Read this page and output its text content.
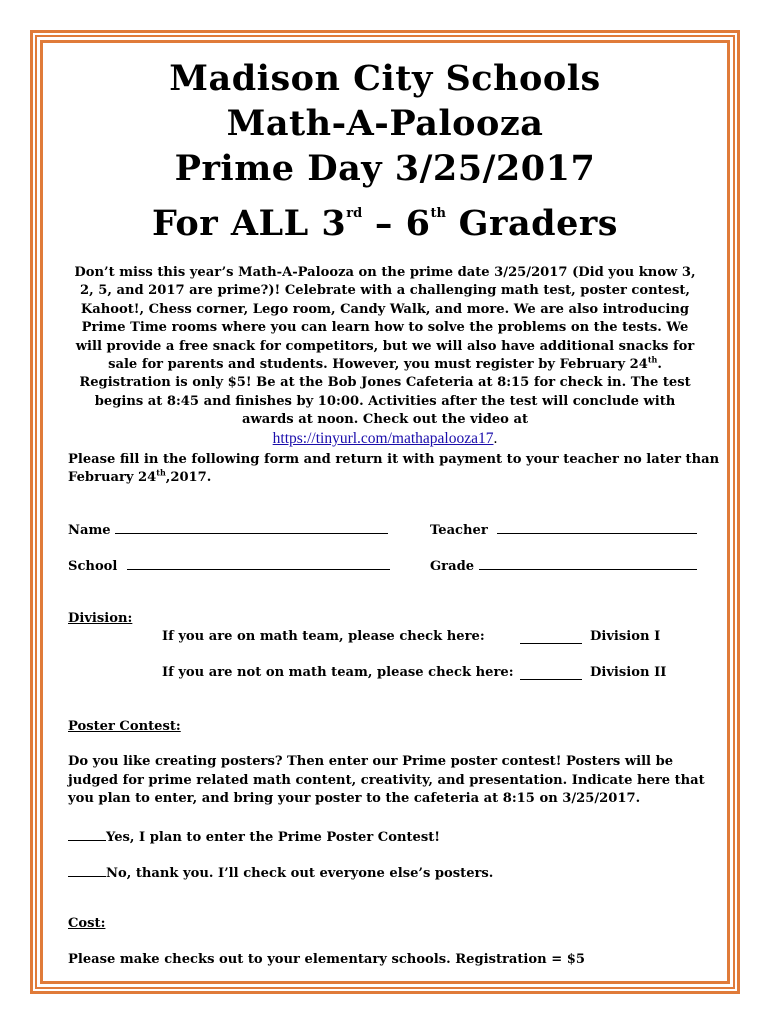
Madison City Schools
Math-A-Palooza
Prime Day 3/25/2017
For ALL 3rd – 6th Graders
Don’t miss this year’s Math-A-Palooza on the prime date 3/25/2017 (Did you know 3, 2, 5, and 2017 are prime?)! Celebrate with a challenging math test, poster contest, Kahoot!, Chess corner, Lego room, Candy Walk, and more. We are also introducing Prime Time rooms where you can learn how to solve the problems on the tests. We will provide a free snack for competitors, but we will also have additional snacks for sale for parents and students. However, you must register by February 24th. Registration is only $5! Be at the Bob Jones Cafeteria at 8:15 for check in. The test begins at 8:45 and finishes by 10:00. Activities after the test will conclude with awards at noon. Check out the video at
https://tinyurl.com/mathapalooza17.
Please fill in the following form and return it with payment to your teacher no later than
February 24th,2017.
Name	Teacher
School	Grade
Division:
If you are on math team, please check here:	Division I
If you are not on math team, please check here:	Division II
Poster Contest:
Do you like creating posters? Then enter our Prime poster contest! Posters will be judged for prime related math content, creativity, and presentation. Indicate here that you plan to enter, and bring your poster to the cafeteria at 8:15 on 3/25/2017.
Yes, I plan to enter the Prime Poster Contest!
No, thank you. I’ll check out everyone else’s posters.
Cost:
Please make checks out to your elementary schools. Registration = $5
